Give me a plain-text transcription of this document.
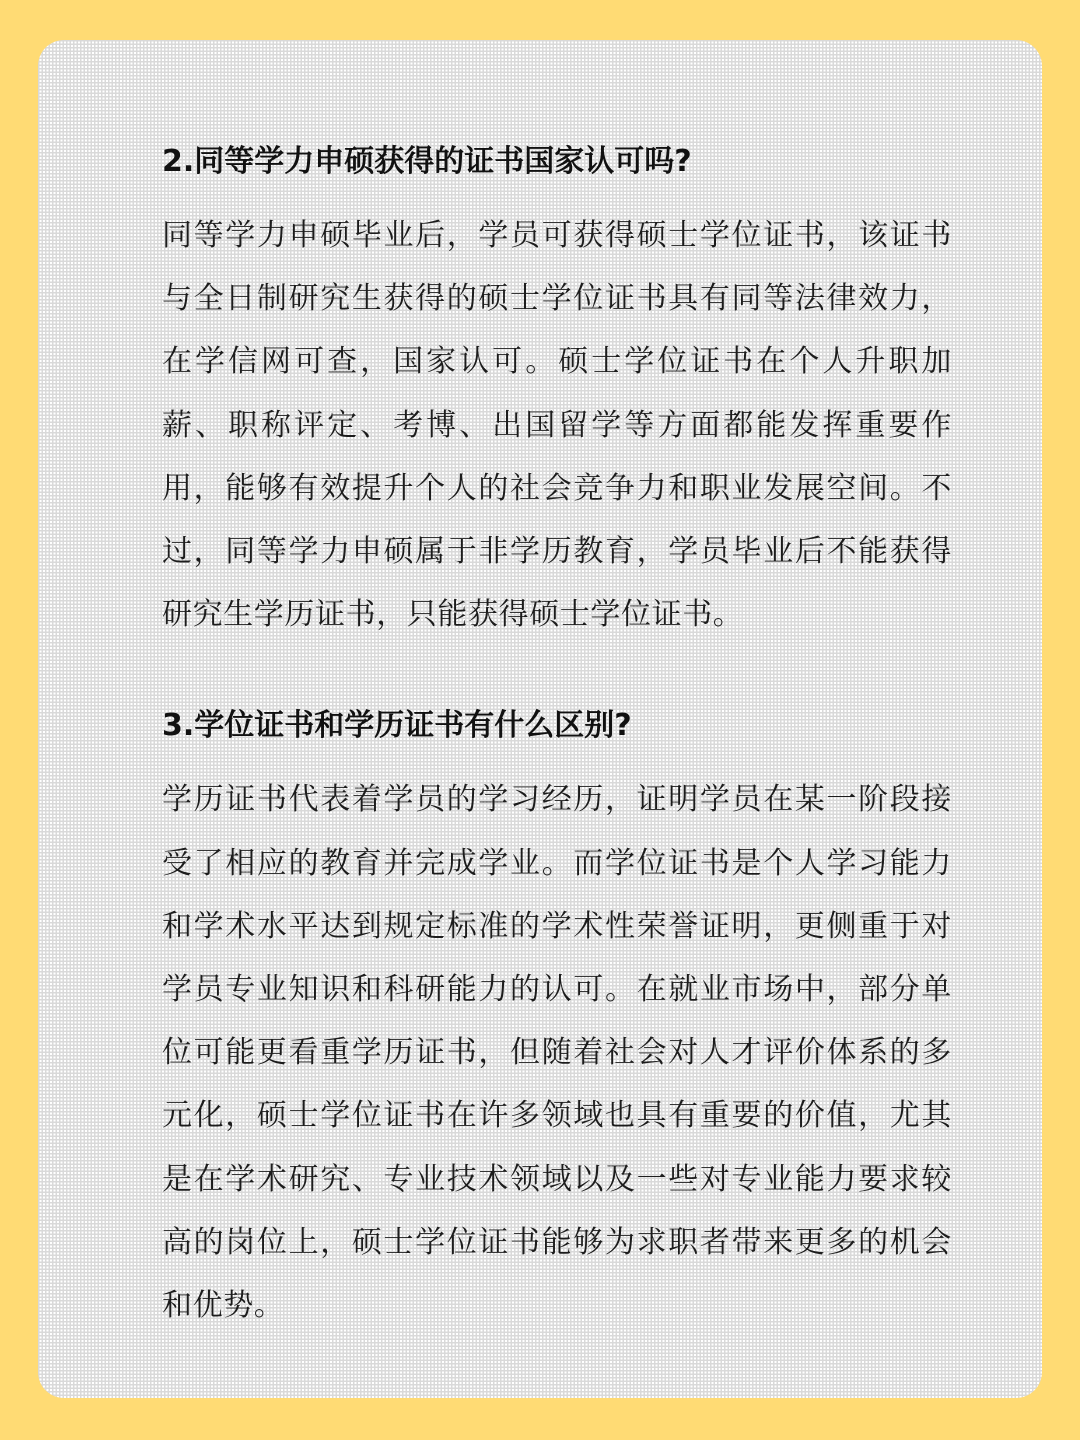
2.同等学力申硕获得的证书国家认可吗?

同等学力申硕毕业后，学员可获得硕士学位证书，该证书与全日制研究生获得的硕士学位证书具有同等法律效力，在学信网可查，国家认可。硕士学位证书在个人升职加薪、职称评定、考博、出国留学等方面都能发挥重要作用，能够有效提升个人的社会竞争力和职业发展空间。不过，同等学力申硕属于非学历教育，学员毕业后不能获得研究生学历证书，只能获得硕士学位证书。

3.学位证书和学历证书有什么区别?

学历证书代表着学员的学习经历，证明学员在某一阶段接受了相应的教育并完成学业。而学位证书是个人学习能力和学术水平达到规定标准的学术性荣誉证明，更侧重于对学员专业知识和科研能力的认可。在就业市场中，部分单位可能更看重学历证书，但随着社会对人才评价体系的多元化，硕士学位证书在许多领域也具有重要的价值，尤其是在学术研究、专业技术领域以及一些对专业能力要求较高的岗位上，硕士学位证书能够为求职者带来更多的机会和优势。
